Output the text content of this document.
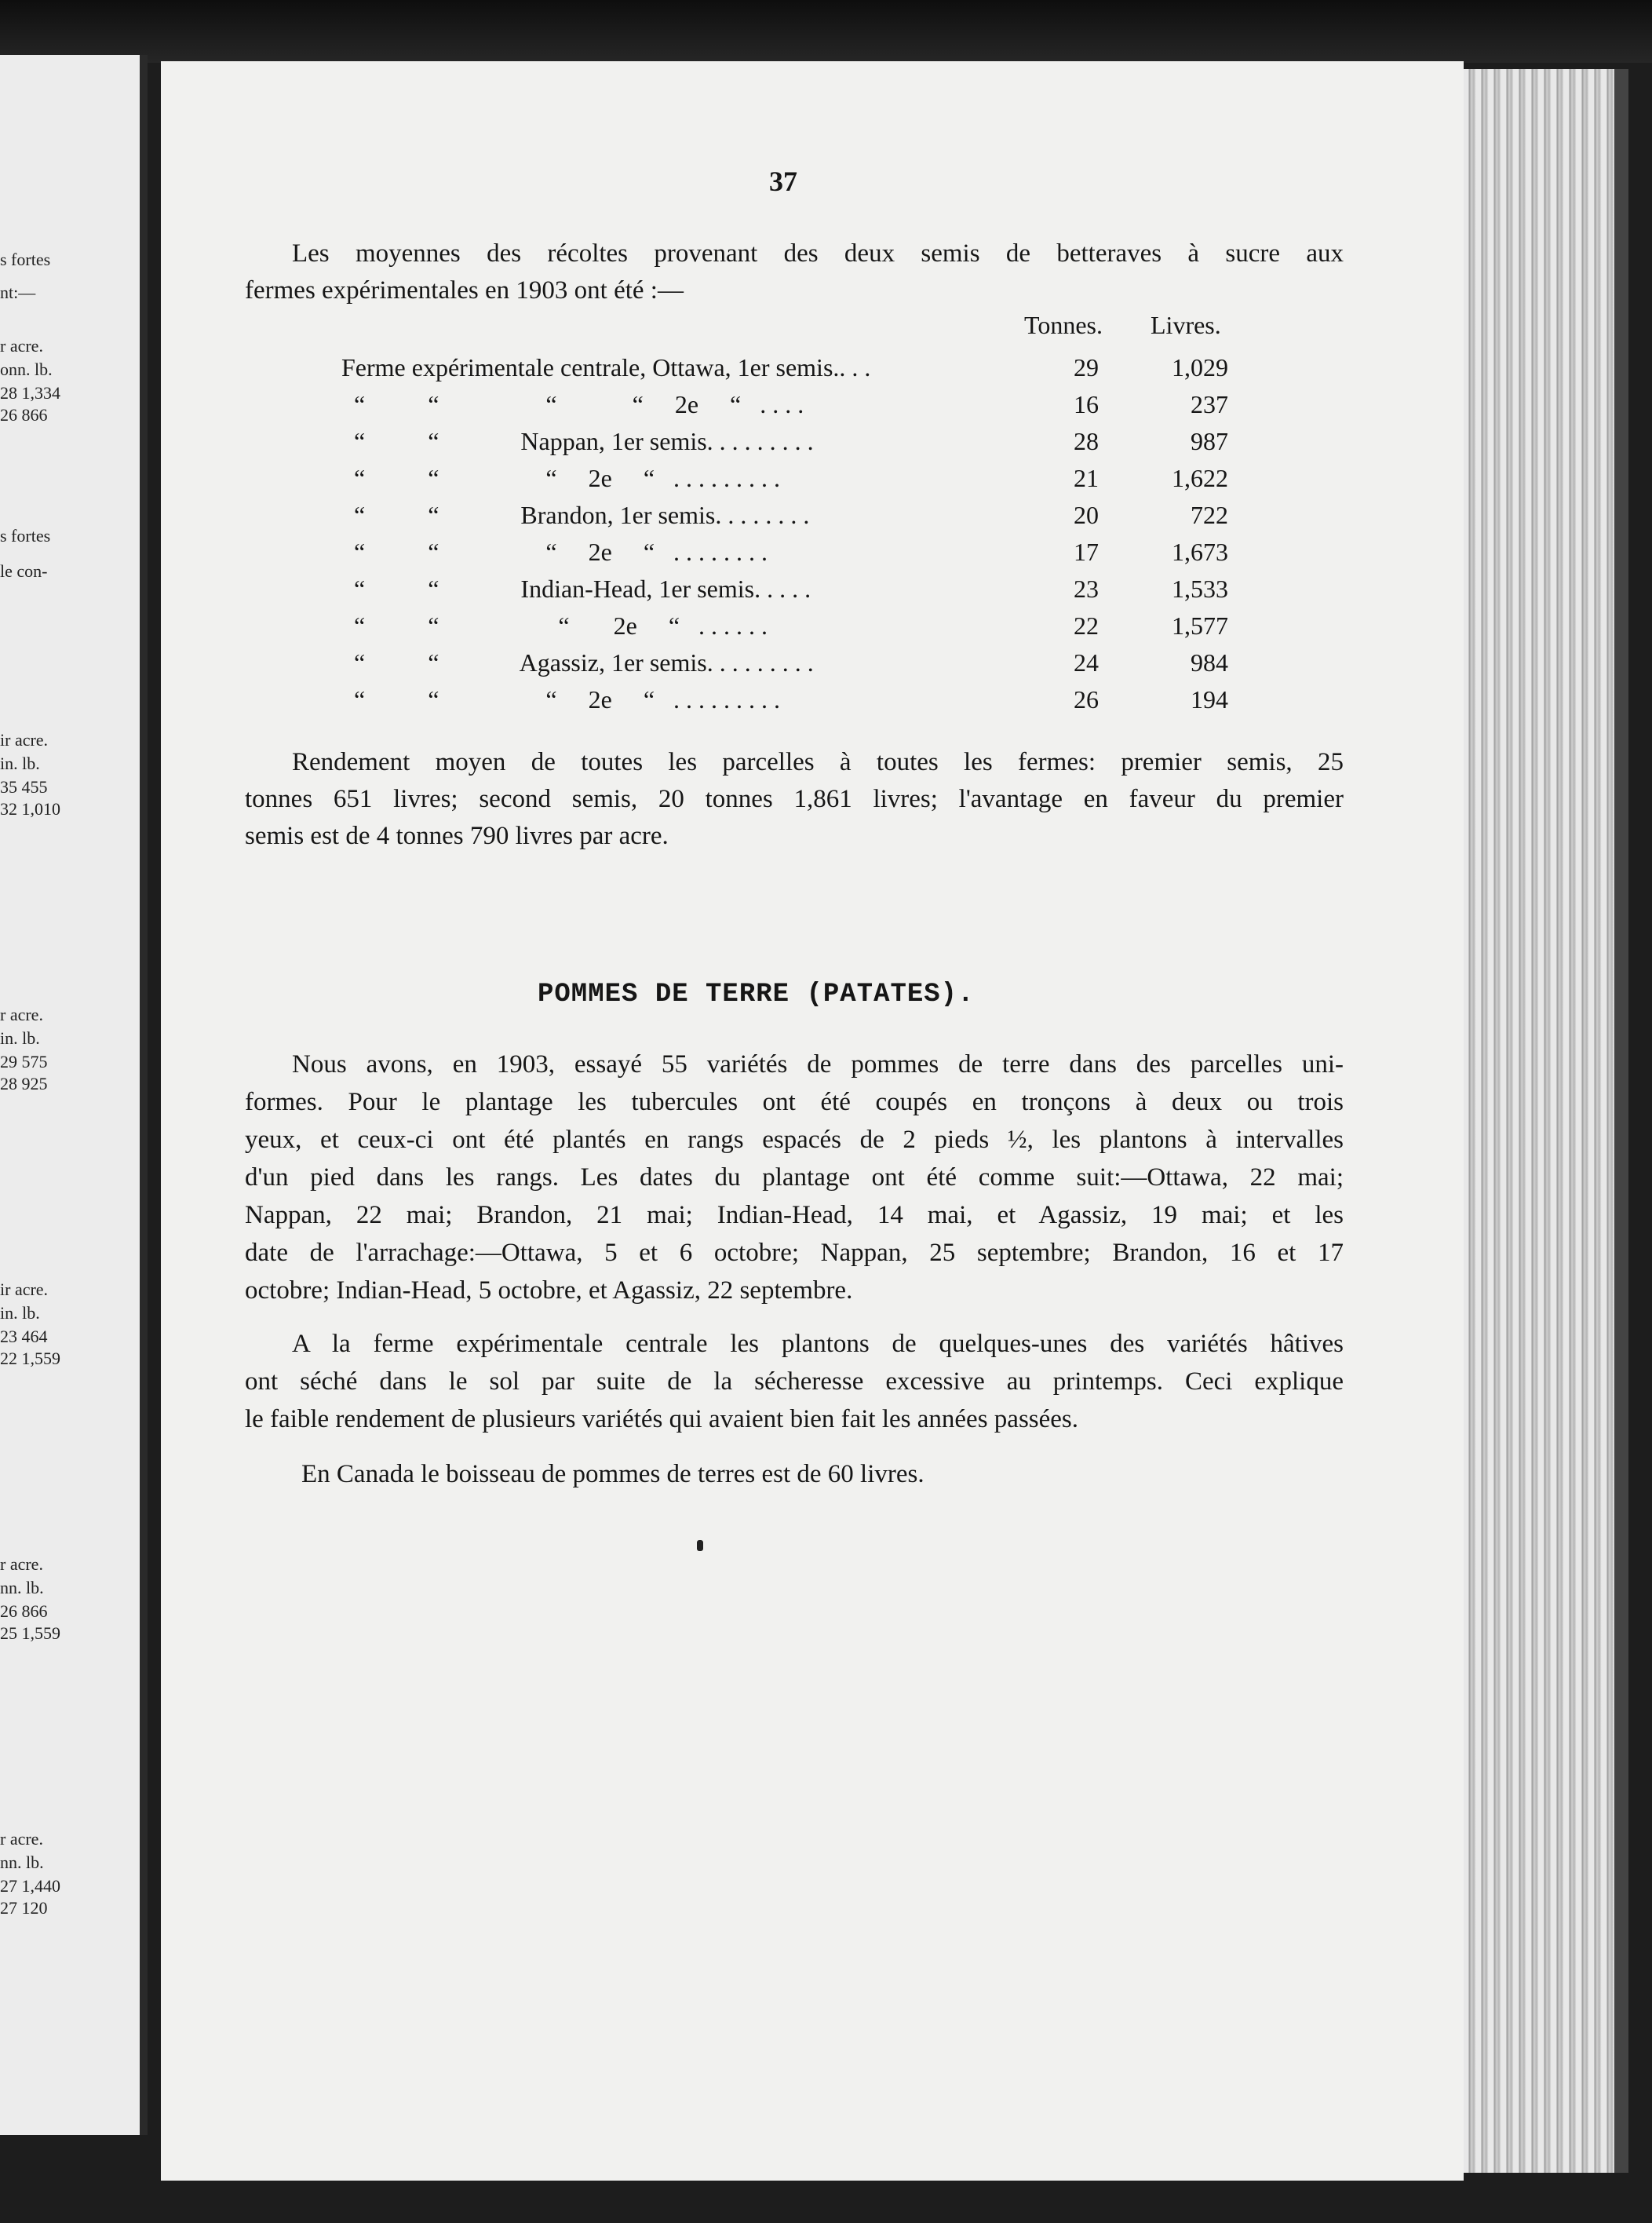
s fortes
nt:—
r acre.
onn. lb.
28 1,334
26 866
s fortes
le con-
ir acre.
in. lb.
35 455
32 1,010
r acre.
in. lb.
29 575
28 925
ir acre.
in. lb.
23 464
22 1,559
r acre.
nn. lb.
26 866
25 1,559
r acre.
nn. lb.
27 1,440
27 120
37
Les moyennes des récoltes provenant des deux semis de betteraves à sucre aux
fermes expérimentales en 1903 ont été :—
Tonnes. Livres.
Ferme expérimentale centrale, Ottawa, 1er semis.. . .	29	1,029
“          “                 “            “     2e     “   . . . .	16	237
“          “             Nappan, 1er semis. . . . . . . . .	28	987
“          “                 “     2e     “   . . . . . . . . .	21	1,622
“          “             Brandon, 1er semis. . . . . . . .	20	722
“          “                 “     2e     “   . . . . . . . .	17	1,673
“          “             Indian-Head, 1er semis. . . . .	23	1,533
“          “                   “       2e     “   . . . . . .	22	1,577
“          “             Agassiz, 1er semis. . . . . . . . .	24	984
“          “                 “     2e     “   . . . . . . . . .	26	194
Rendement moyen de toutes les parcelles à toutes les fermes: premier semis, 25
tonnes 651 livres; second semis, 20 tonnes 1,861 livres; l'avantage en faveur du premier
semis est de 4 tonnes 790 livres par acre.
POMMES DE TERRE (PATATES).
Nous avons, en 1903, essayé 55 variétés de pommes de terre dans des parcelles uni-
formes. Pour le plantage les tubercules ont été coupés en tronçons à deux ou trois
yeux, et ceux-ci ont été plantés en rangs espacés de 2 pieds ½, les plantons à intervalles
d'un pied dans les rangs. Les dates du plantage ont été comme suit:—Ottawa, 22 mai;
Nappan, 22 mai; Brandon, 21 mai; Indian-Head, 14 mai, et Agassiz, 19 mai; et les
date de l'arrachage:—Ottawa, 5 et 6 octobre; Nappan, 25 septembre; Brandon, 16 et 17
octobre; Indian-Head, 5 octobre, et Agassiz, 22 septembre.
A la ferme expérimentale centrale les plantons de quelques-unes des variétés hâtives
ont séché dans le sol par suite de la sécheresse excessive au printemps. Ceci explique
le faible rendement de plusieurs variétés qui avaient bien fait les années passées.
En Canada le boisseau de pommes de terres est de 60 livres.
